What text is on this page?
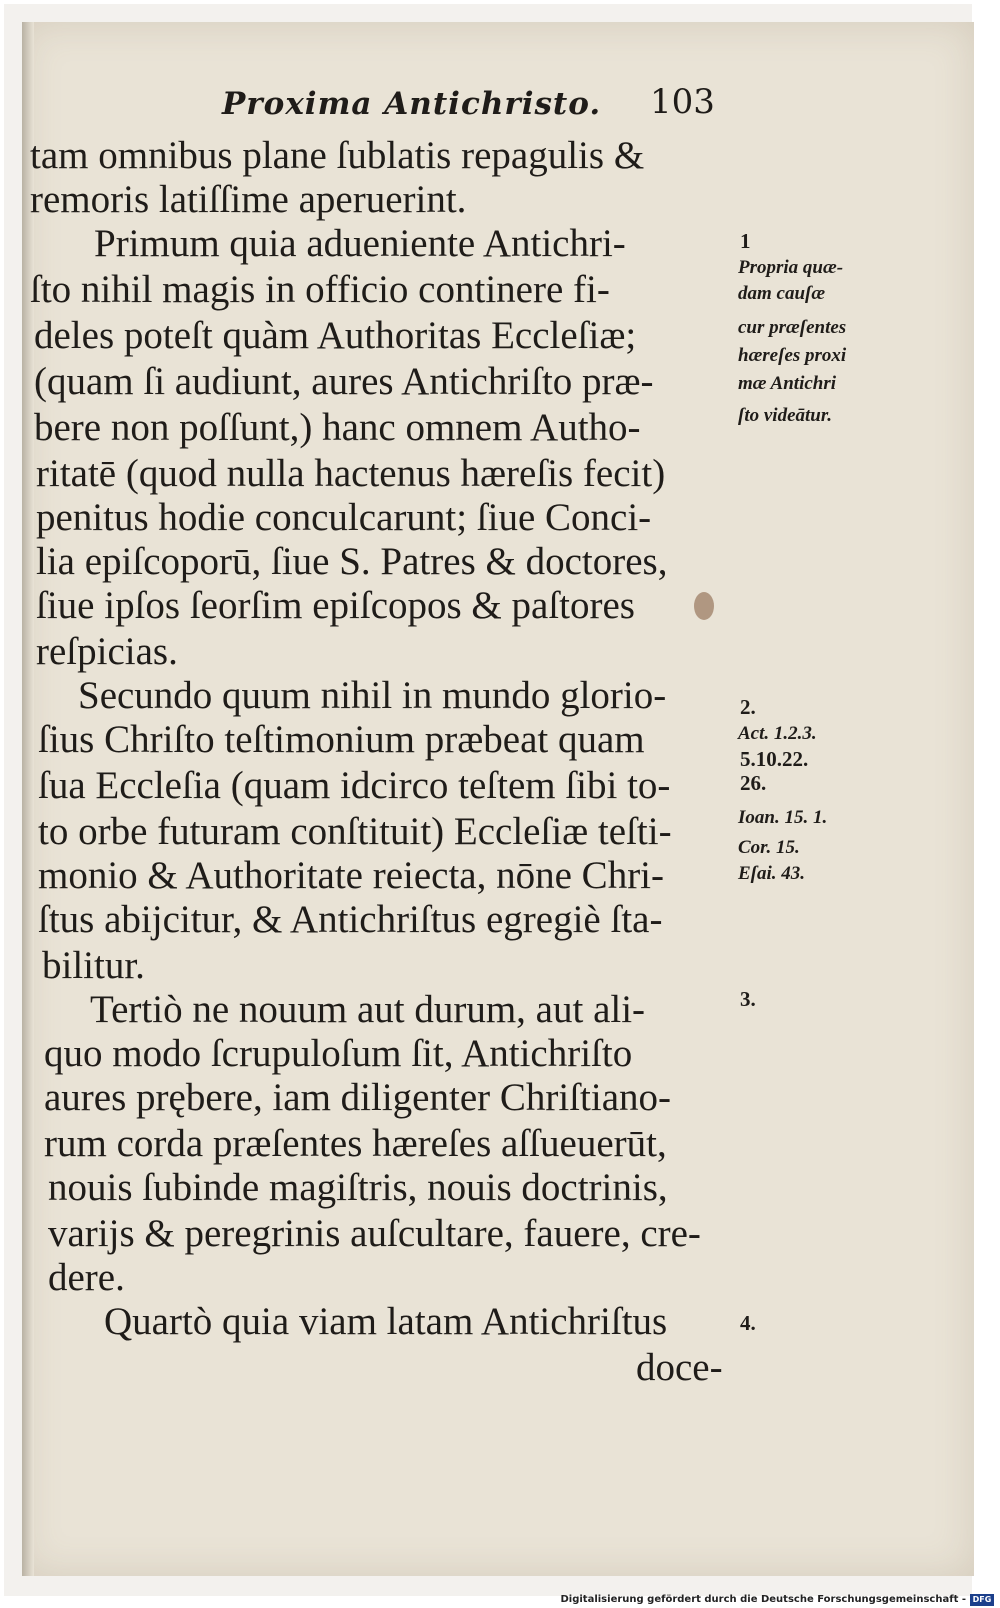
Proxima Antichristo. 103
tam omnibus plane ſublatis repagulis &
remoris latiſſime aperuerint.
Primum quia adueniente Antichri-
ſto nihil magis in officio continere fi-
deles poteſt quàm Authoritas Eccleſiæ;
(quam ſi audiunt, aures Antichriſto præ-
bere non poſſunt,) hanc omnem Autho-
ritatē (quod nulla hactenus hæreſis fecit)
penitus hodie conculcarunt; ſiue Conci-
lia epiſcoporū, ſiue S. Patres & doctores,
ſiue ipſos ſeorſim epiſcopos & paſtores
reſpicias.
Secundo quum nihil in mundo glorio-
ſius Chriſto teſtimonium præbeat quam
ſua Eccleſia (quam idcirco teſtem ſibi to-
to orbe futuram conſtituit) Eccleſiæ teſti-
monio & Authoritate reiecta, nōne Chri-
ſtus abijcitur, & Antichriſtus egregiè ſta-
bilitur.
Tertiò ne nouum aut durum, aut ali-
quo modo ſcrupuloſum ſit, Antichriſto
aures prębere, iam diligenter Chriſtiano-
rum corda præſentes hæreſes aſſueuerūt,
nouis ſubinde magiſtris, nouis doctrinis,
varijs & peregrinis auſcultare, fauere, cre-
dere.
Quartò quia viam latam Antichriſtus
doce-
1
Propria quæ-
dam cauſæ
cur præſentes
hæreſes proxi
mæ Antichri
ſto videātur.
2.
Act. 1.2.3.
5.10.22.
26.
Ioan. 15. 1.
Cor. 15.
Eſai. 43.
3.
4.
Digitalisierung gefördert durch die Deutsche Forschungsgemeinschaft - DFG
